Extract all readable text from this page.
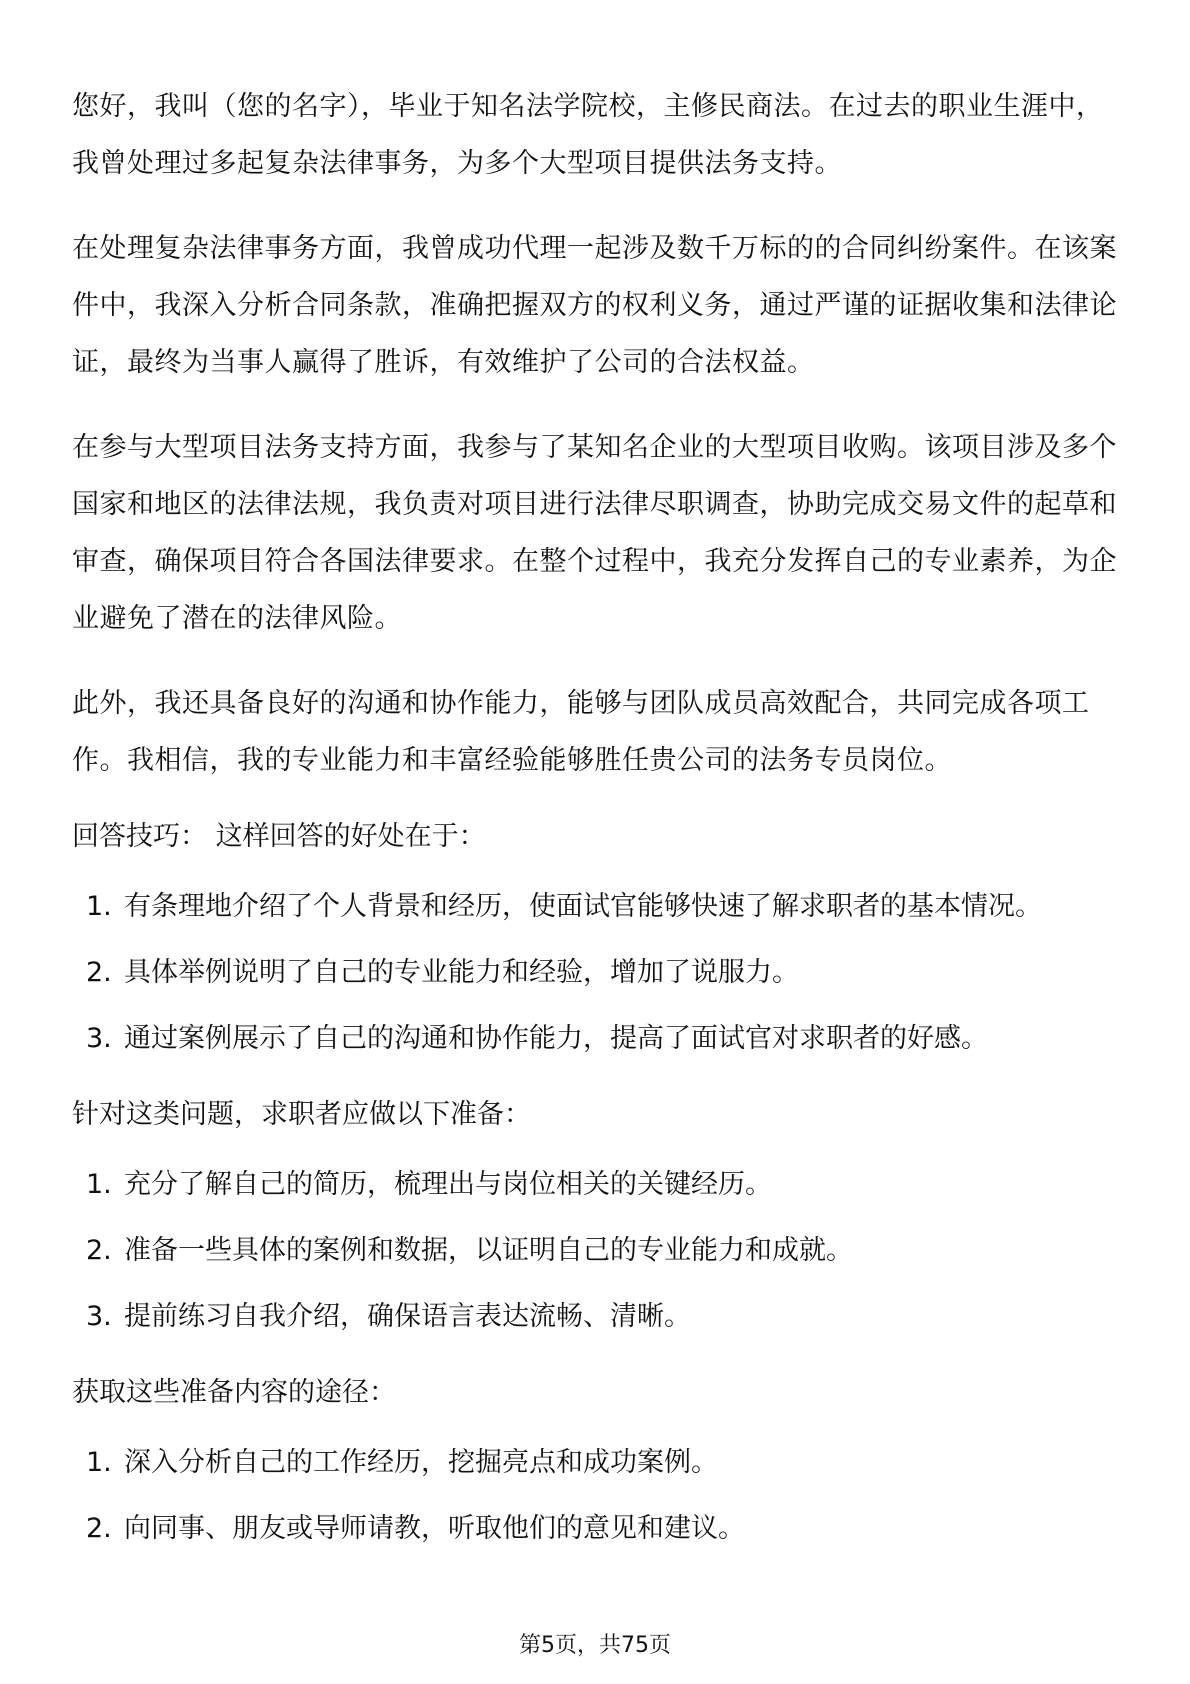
您好，我叫（您的名字），毕业于知名法学院校，主修民商法。在过去的职业生涯中，我曾处理过多起复杂法律事务，为多个大型项目提供法务支持。

在处理复杂法律事务方面，我曾成功代理一起涉及数千万标的的合同纠纷案件。在该案件中，我深入分析合同条款，准确把握双方的权利义务，通过严谨的证据收集和法律论证，最终为当事人赢得了胜诉，有效维护了公司的合法权益。

在参与大型项目法务支持方面，我参与了某知名企业的大型项目收购。该项目涉及多个国家和地区的法律法规，我负责对项目进行法律尽职调查，协助完成交易文件的起草和审查，确保项目符合各国法律要求。在整个过程中，我充分发挥自己的专业素养，为企业避免了潜在的法律风险。

此外，我还具备良好的沟通和协作能力，能够与团队成员高效配合，共同完成各项工作。我相信，我的专业能力和丰富经验能够胜任贵公司的法务专员岗位。

回答技巧： 这样回答的好处在于：
1. 有条理地介绍了个人背景和经历，使面试官能够快速了解求职者的基本情况。
2. 具体举例说明了自己的专业能力和经验，增加了说服力。
3. 通过案例展示了自己的沟通和协作能力，提高了面试官对求职者的好感。
针对这类问题，求职者应做以下准备：
1. 充分了解自己的简历，梳理出与岗位相关的关键经历。
2. 准备一些具体的案例和数据，以证明自己的专业能力和成就。
3. 提前练习自我介绍，确保语言表达流畅、清晰。
获取这些准备内容的途径：
1. 深入分析自己的工作经历，挖掘亮点和成功案例。
2. 向同事、朋友或导师请教，听取他们的意见和建议。
第5页，共75页
